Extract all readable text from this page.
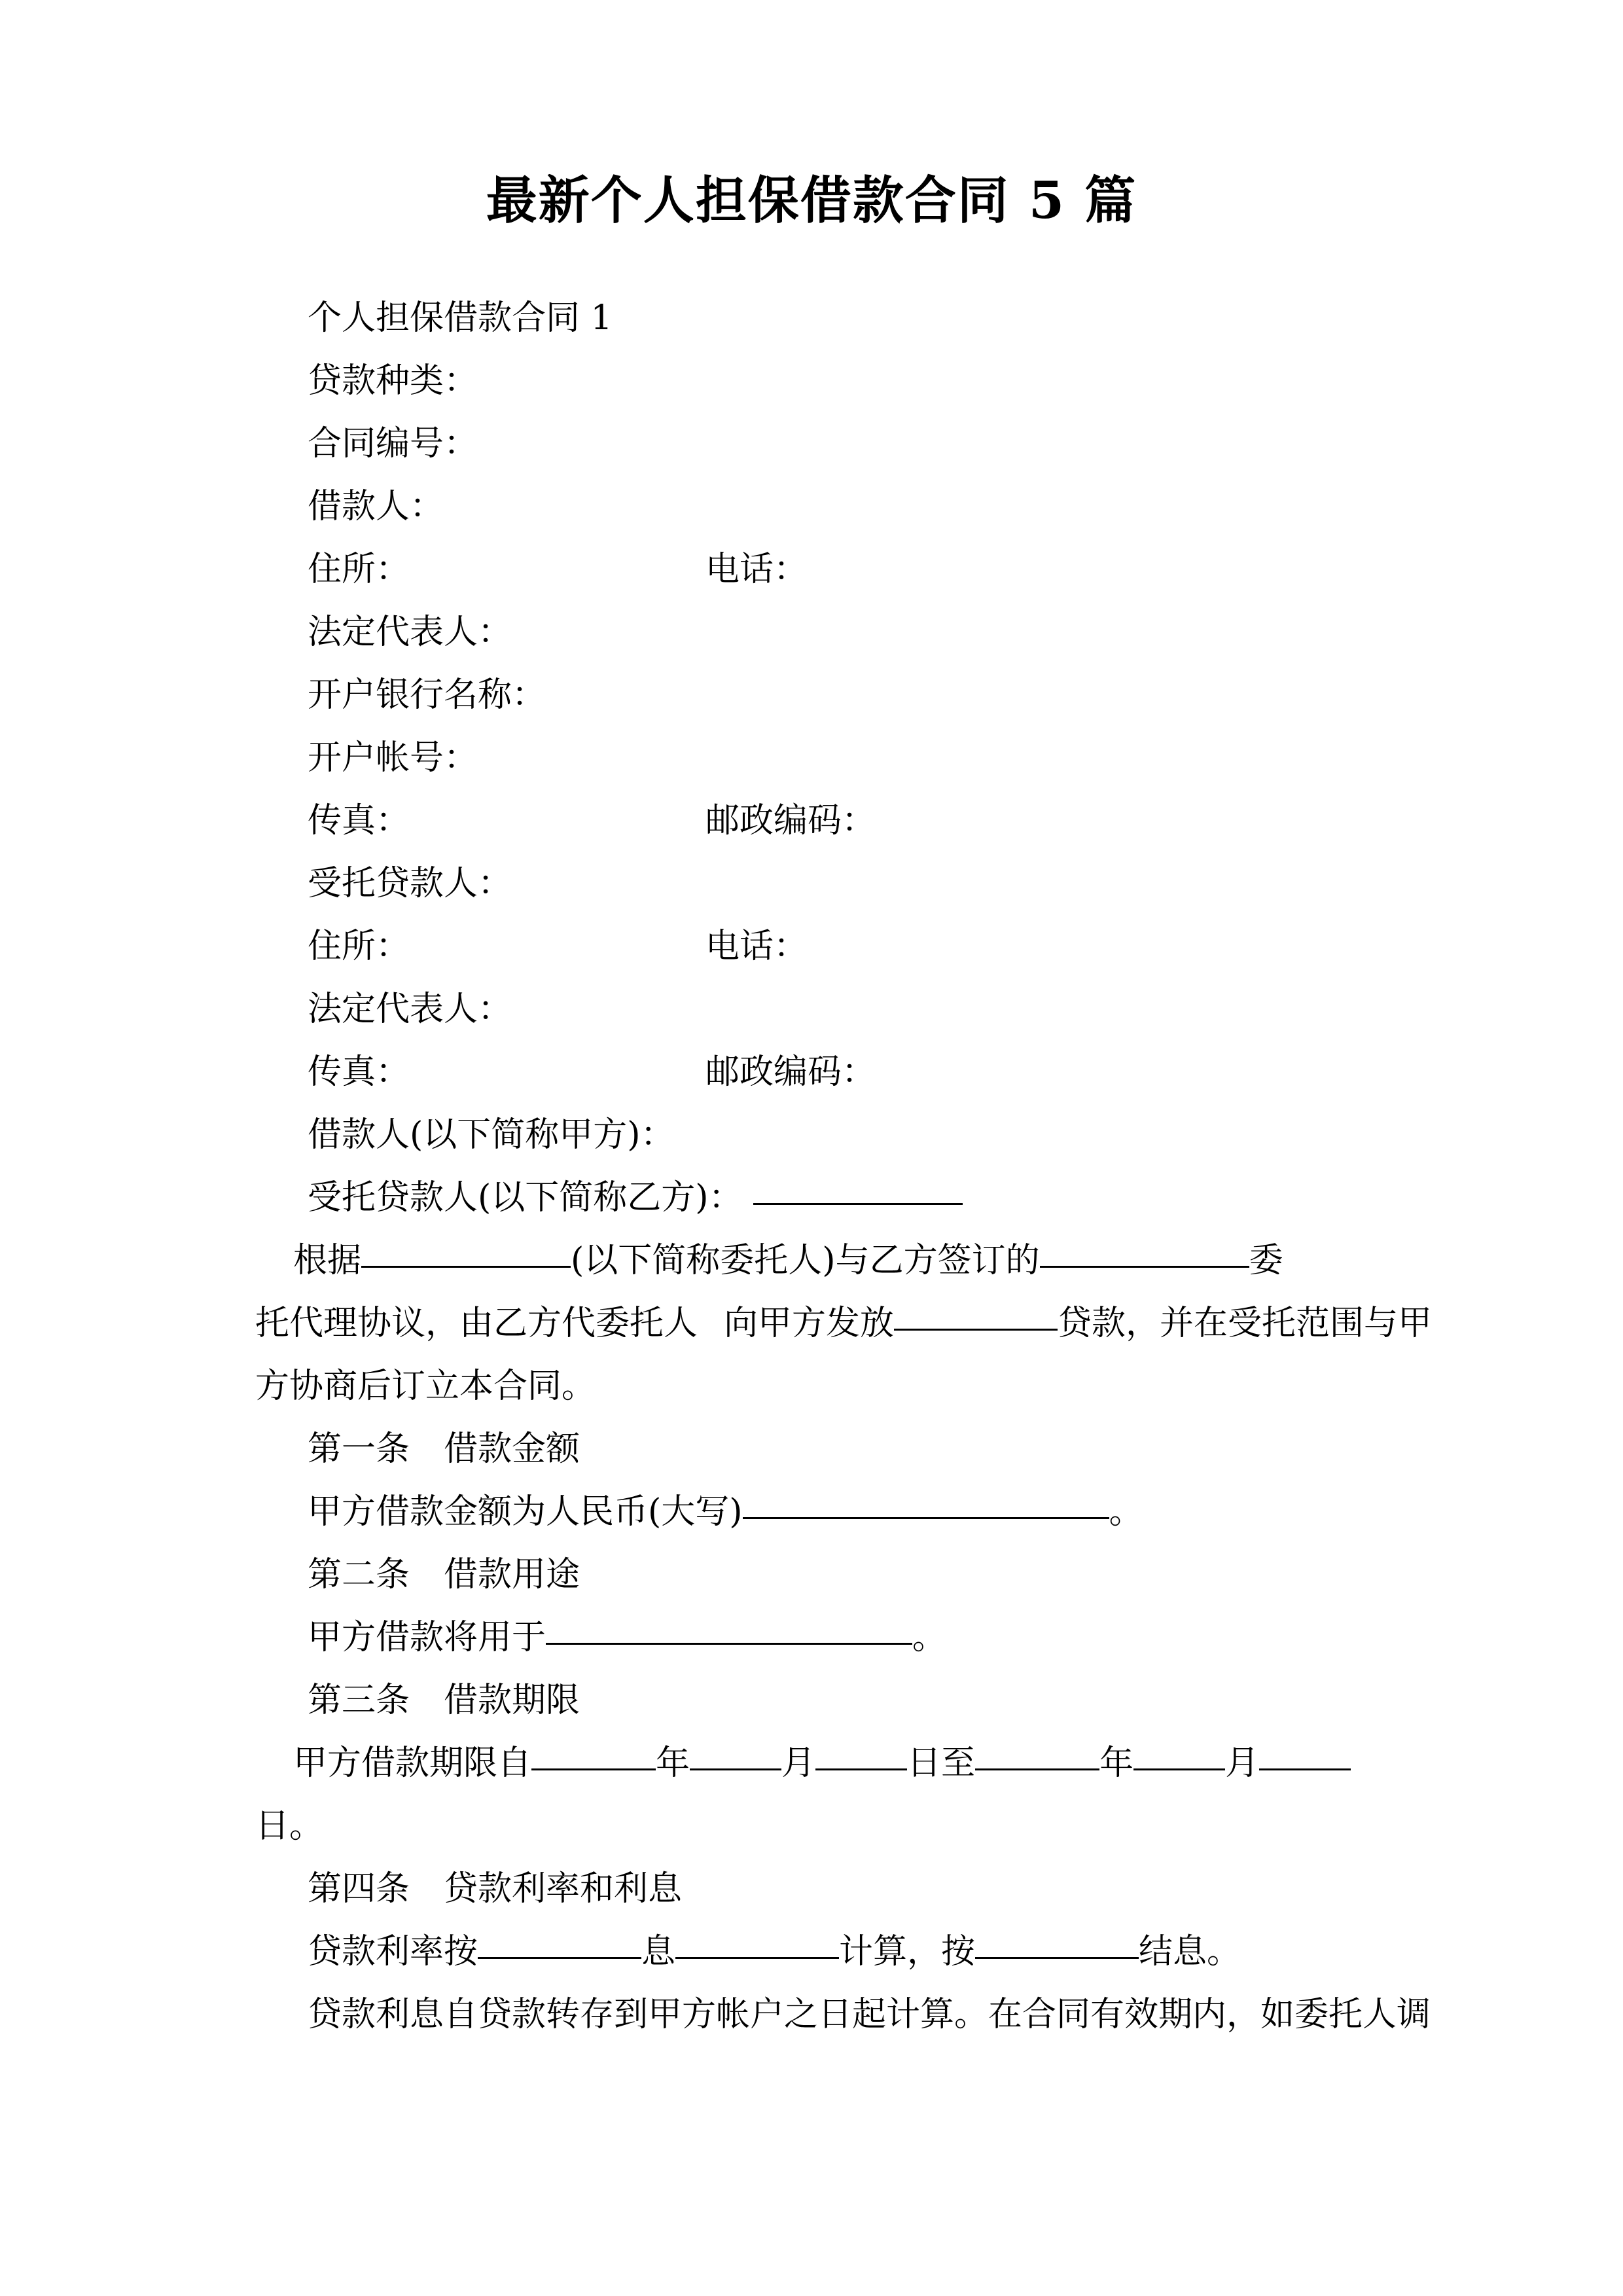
最新个人担保借款合同 5 篇
个人担保借款合同 1
贷款种类：
合同编号：
借款人：
住所：	电话：
法定代表人：
开户银行名称：
开户帐号：
传真：	邮政编码：
受托贷款人：
住所：	电话：
法定代表人：
传真：	邮政编码：
借款人(以下简称甲方)：
受托贷款人(以下简称乙方)：
根据	(以下简称委托人)与乙方签订的	委
托代理协议，由乙方代委托人 向甲方发放	贷款，并在受托范围与甲
方协商后订立本合同。
第一条　借款金额
甲方借款金额为人民币(大写)	。
第二条　借款用途
甲方借款将用于	。
第三条　借款期限
甲方借款期限自	年	月	日至	年	月
日。
第四条　贷款利率和利息
贷款利率按	息	计算，按	结息。
贷款利息自贷款转存到甲方帐户之日起计算。在合同有效期内，如委托人调
